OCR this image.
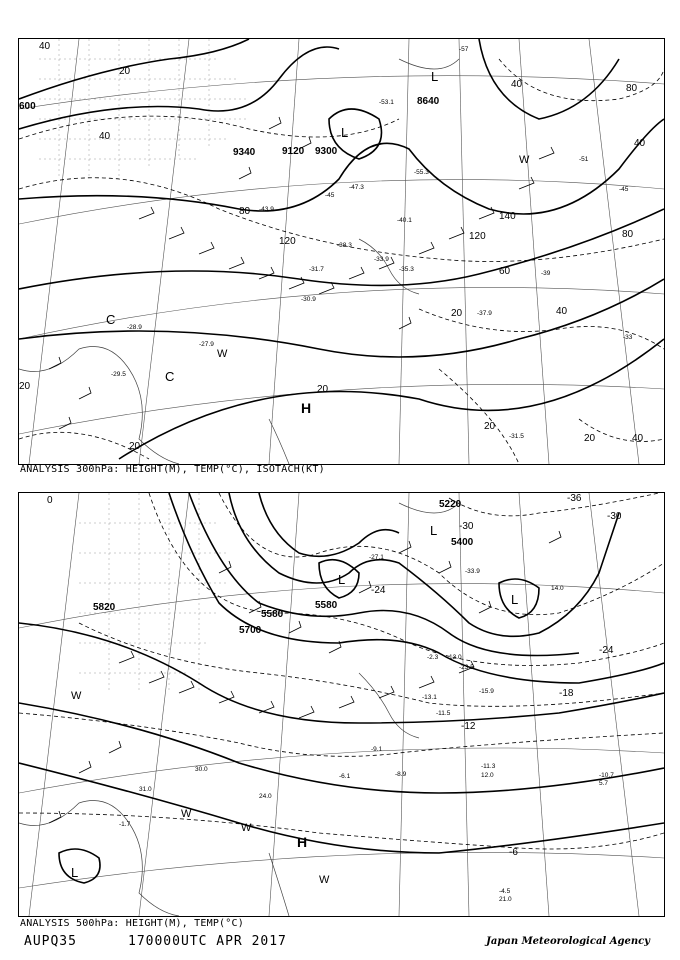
8640
9120
9340	9300
600
20
40
80
120
140
120
80
60
40
20
40	80
40
20
20
20	40
40
20
20
L
L
C
C
W
W
H
-57
-55.3
-53.1
-51
-47.3
-45
-43.9
-40.1
-38.3
-35.3
-33.9
-31.7
-30.9
-29.5
-28.9
-27.9
-37.9
-31.5
-45
-39
-33
ANALYSIS 300hPa: HEIGHT(M), TEMP(°C), ISOTACH(KT)
5220
5580
5700
5820	5580
5400
-36
-30
-24
-18
-12
-6
-24
-30
0
L
L
L
L
W
W
W
W
H
-33.9
-27.1
-23.5
-15.9
-13.1
-11.5
-9.1
-8.9
-11.3
-10.7
-6.1
-4.5
-2.3
-1.7
21.0
12.0
5.7
24.0
31.0
13.0
14.0
30.0
ANALYSIS 500hPa: HEIGHT(M), TEMP(°C)
AUPQ35	170000UTC APR 2017	Japan Meteorological Agency
